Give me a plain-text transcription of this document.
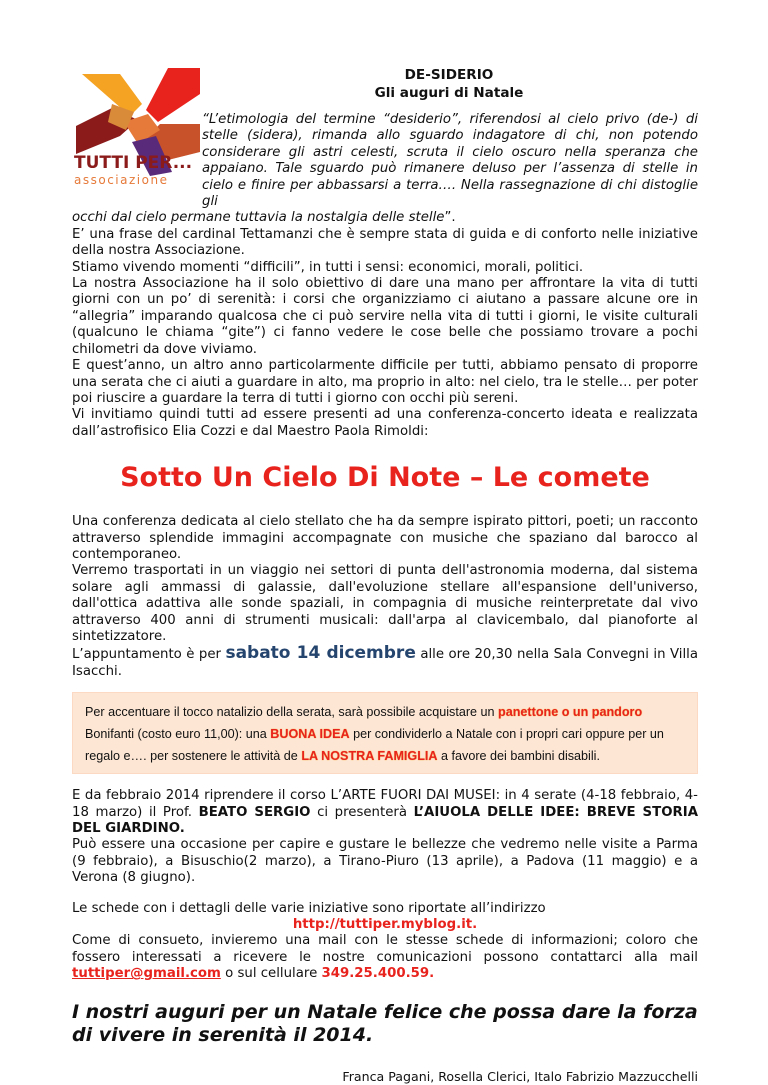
TUTTI PER...
associazione
DE-SIDERIO
Gli auguri di Natale

“L’etimologia del termine “desiderio”, riferendosi al cielo privo (de-) di stelle (sidera), rimanda allo sguardo indagatore di chi, non potendo considerare gli astri celesti, scruta il cielo oscuro nella speranza che appaiano. Tale sguardo può rimanere deluso per l’assenza di stelle in cielo e finire per abbassarsi a terra…. Nella rassegnazione di chi distoglie gli

occhi dal cielo permane tuttavia la nostalgia delle stelle”.

E’ una frase del cardinal Tettamanzi che è sempre stata di guida e di conforto nelle iniziative della nostra Associazione.

Stiamo vivendo momenti “difficili”, in tutti i sensi: economici, morali, politici.

La nostra Associazione ha il solo obiettivo di dare una mano per affrontare la vita di tutti giorni con un po’ di serenità: i corsi che organizziamo ci aiutano a passare alcune ore in “allegria” imparando qualcosa che ci può servire nella vita di tutti i giorni, le visite culturali (qualcuno le chiama “gite”) ci fanno vedere le cose belle che possiamo trovare a pochi chilometri da dove viviamo.

E quest’anno, un altro anno particolarmente difficile per tutti, abbiamo pensato di proporre una serata che ci aiuti a guardare in alto, ma proprio in alto: nel cielo, tra le stelle… per poter poi riuscire a guardare la terra di tutti i giorno con occhi più sereni.

Vi invitiamo quindi tutti ad essere presenti ad una conferenza-concerto ideata e realizzata dall’astrofisico Elia Cozzi e dal Maestro Paola Rimoldi:

Sotto Un Cielo Di Note – Le comete

Una conferenza dedicata al cielo stellato che ha da sempre ispirato pittori, poeti; un racconto attraverso splendide immagini accompagnate con musiche che spaziano dal barocco al contemporaneo.

Verremo trasportati in un viaggio nei settori di punta dell'astronomia moderna, dal sistema solare agli ammassi di galassie, dall'evoluzione stellare all'espansione dell'universo, dall'ottica adattiva alle sonde spaziali, in compagnia di musiche reinterpretate dal vivo attraverso 400 anni di strumenti musicali: dall'arpa al clavicembalo, dal pianoforte al sintetizzatore.

L’appuntamento è per sabato 14 dicembre alle ore 20,30 nella Sala Convegni in Villa Isacchi.

Per accentuare il tocco natalizio della serata, sarà possibile acquistare un panettone o un pandoro Bonifanti (costo euro 11,00): una BUONA IDEA per condividerlo a Natale con i propri cari oppure per un regalo e…. per sostenere le attività de LA NOSTRA FAMIGLIA a favore dei bambini disabili.

E da febbraio 2014 riprendere il corso L’ARTE FUORI DAI MUSEI: in 4 serate (4-18 febbraio, 4-18 marzo) il Prof. BEATO SERGIO ci presenterà L’AIUOLA DELLE IDEE: BREVE STORIA DEL GIARDINO.

Può essere una occasione per capire e gustare le bellezze che vedremo nelle visite a Parma (9 febbraio), a Bisuschio(2 marzo), a Tirano-Piuro (13 aprile), a Padova (11 maggio) e a Verona (8 giugno).

Le schede con i dettagli delle varie iniziative sono riportate all’indirizzo

http://tuttiper.myblog.it.

Come di consueto, invieremo una mail con le stesse schede di informazioni; coloro che fossero interessati a ricevere le nostre comunicazioni possono contattarci alla mail tuttiper@gmail.com o sul cellulare 349.25.400.59.

I nostri auguri per un Natale felice che possa dare la forza di vivere in serenità il 2014.

Franca Pagani, Rosella Clerici, Italo Fabrizio Mazzucchelli
